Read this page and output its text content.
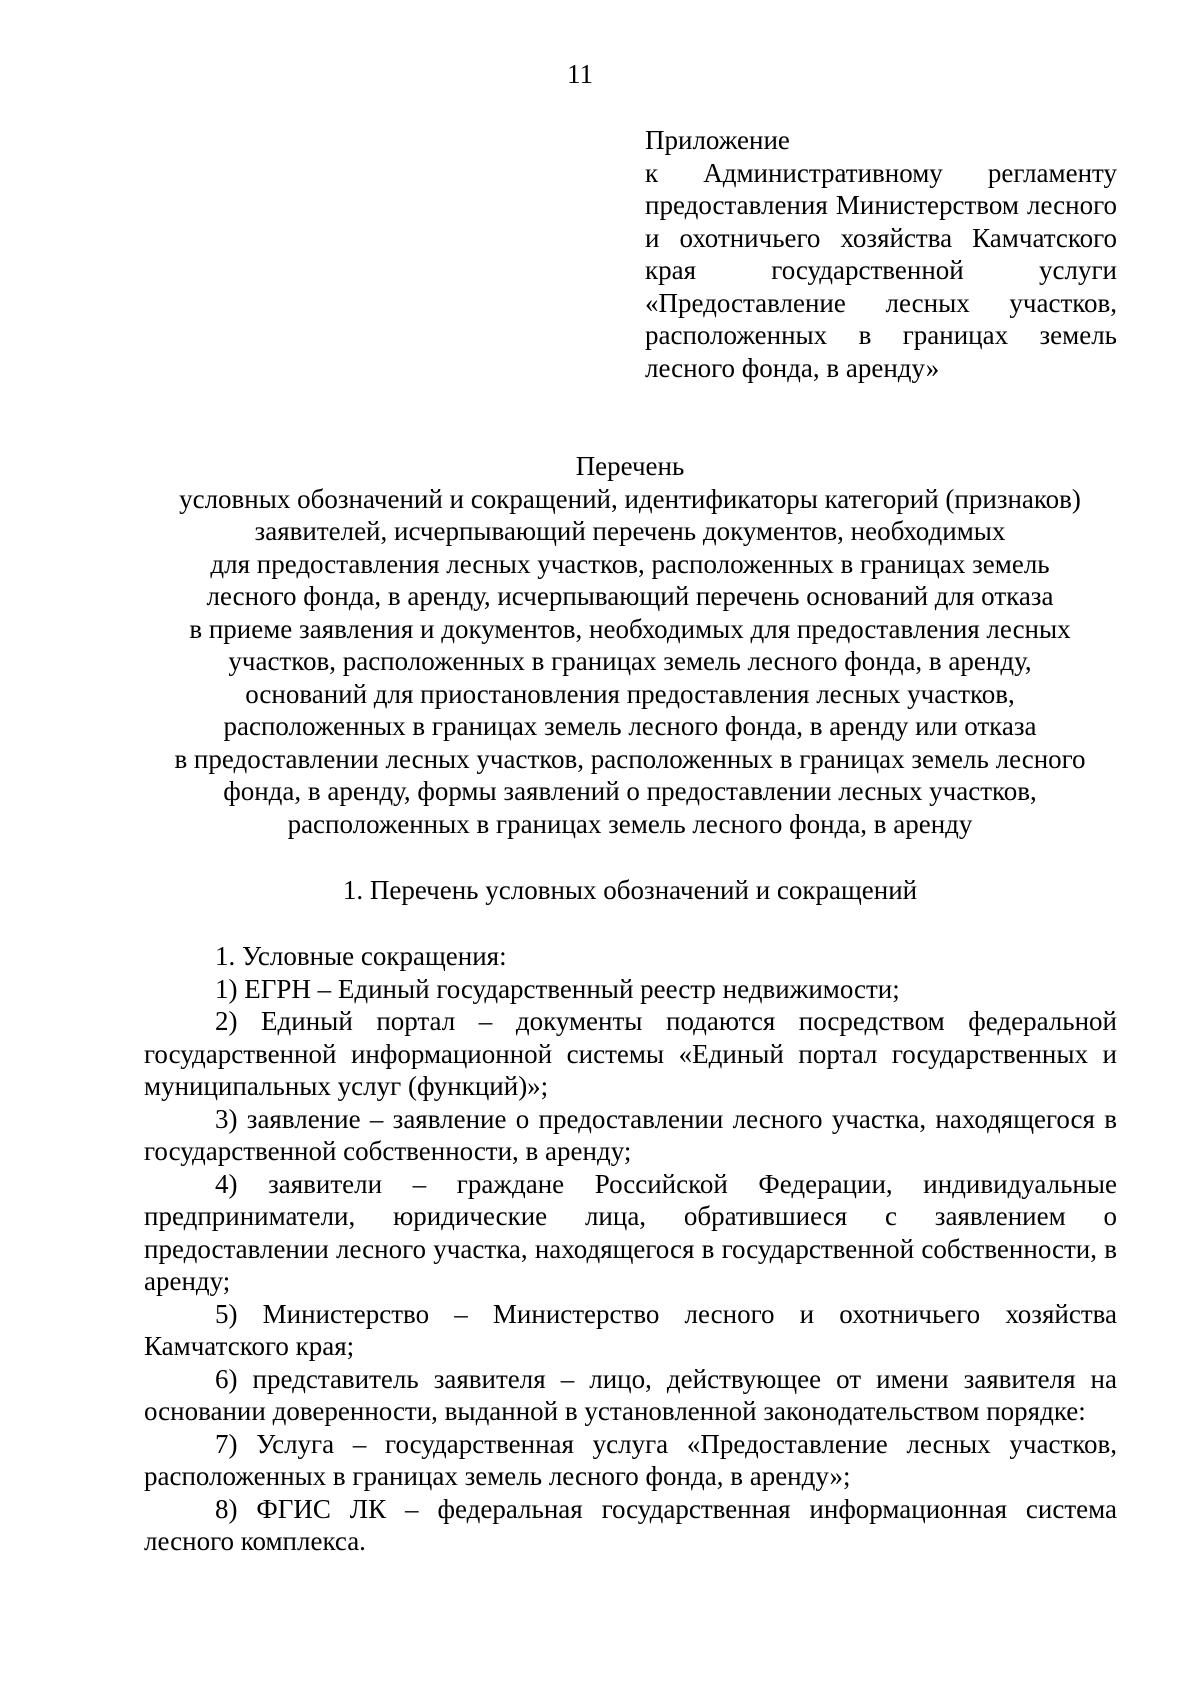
11
Приложение
к Административному регламенту предоставления Министерством лесного и охотничьего хозяйства Камчатского края государственной услуги «Предоставление лесных участков, расположенных в границах земель лесного фонда, в аренду»
Перечень
условных обозначений и сокращений, идентификаторы категорий (признаков)
заявителей, исчерпывающий перечень документов, необходимых
для предоставления лесных участков, расположенных в границах земель
лесного фонда, в аренду, исчерпывающий перечень оснований для отказа
в приеме заявления и документов, необходимых для предоставления лесных
участков, расположенных в границах земель лесного фонда, в аренду,
оснований для приостановления предоставления лесных участков,
расположенных в границах земель лесного фонда, в аренду или отказа
в предоставлении лесных участков, расположенных в границах земель лесного
фонда, в аренду, формы заявлений о предоставлении лесных участков,
расположенных в границах земель лесного фонда, в аренду
1. Перечень условных обозначений и сокращений

1. Условные сокращения:

1) ЕГРН – Единый государственный реестр недвижимости;

2) Единый портал – документы подаются посредством федеральной государственной информационной системы «Единый портал государственных и муниципальных услуг (функций)»;

3) заявление – заявление о предоставлении лесного участка, находящегося в государственной собственности, в аренду;

4) заявители – граждане Российской Федерации, индивидуальные предприниматели, юридические лица, обратившиеся с заявлением о предоставлении лесного участка, находящегося в государственной собственности, в аренду;

5) Министерство – Министерство лесного и охотничьего хозяйства Камчатского края;

6) представитель заявителя – лицо, действующее от имени заявителя на основании доверенности, выданной в установленной законодательством порядке:

7) Услуга – государственная услуга «Предоставление лесных участков, расположенных в границах земель лесного фонда, в аренду»;

8) ФГИС ЛК – федеральная государственная информационная система лесного комплекса.
